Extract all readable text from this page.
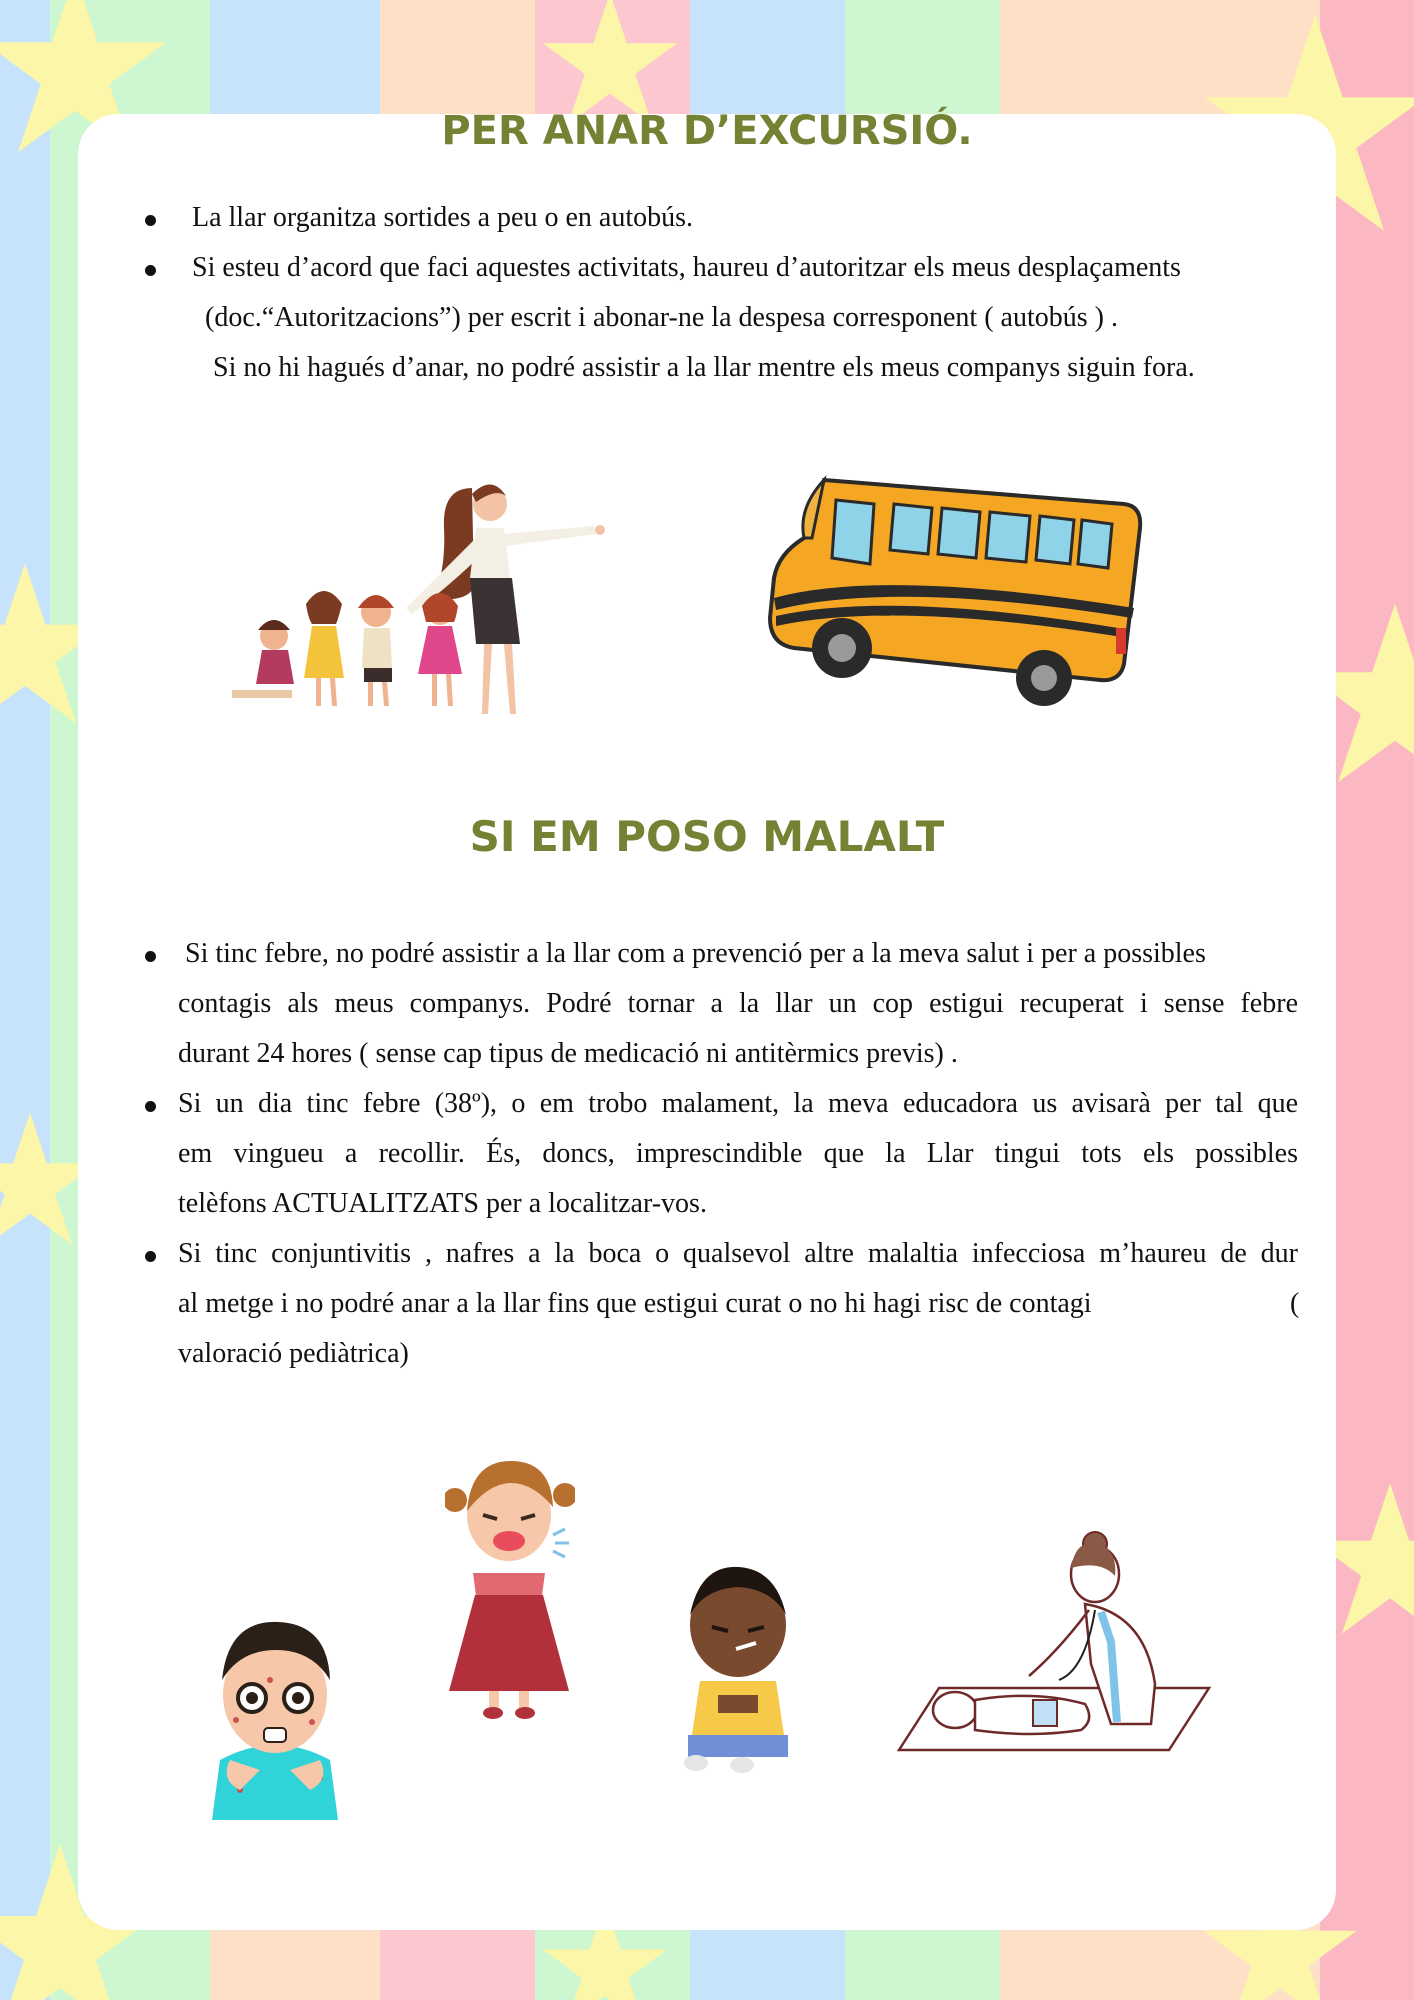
PER ANAR D’EXCURSIÓ.

La llar organitza sortides a peu o en autobús.

Si esteu d’acord que faci aquestes activitats, haureu d’autoritzar els meus desplaçaments

(doc.“Autoritzacions”) per escrit i abonar-ne la despesa corresponent ( autobús ) .

Si no hi hagués d’anar, no podré assistir a la llar mentre els meus companys siguin fora.

SI EM POSO MALALT

Si tinc febre, no podré assistir a la llar com a prevenció per a la meva salut i per a possibles

contagis als meus companys. Podré tornar a la llar un cop estigui recuperat i sense febre

durant 24 hores ( sense cap tipus de medicació ni antitèrmics previs) .

Si un dia tinc febre (38º), o em trobo malament, la meva educadora us avisarà per tal que

em vingueu a recollir. És, doncs, imprescindible que la Llar tingui tots els possibles

telèfons ACTUALITZATS per a localitzar-vos.

Si tinc conjuntivitis , nafres a la boca o qualsevol altre malaltia infecciosa m’haureu de dur

al metge i no podré anar a la llar fins que estigui curat o no hi hagi risc de contagi	(

valoració pediàtrica)
